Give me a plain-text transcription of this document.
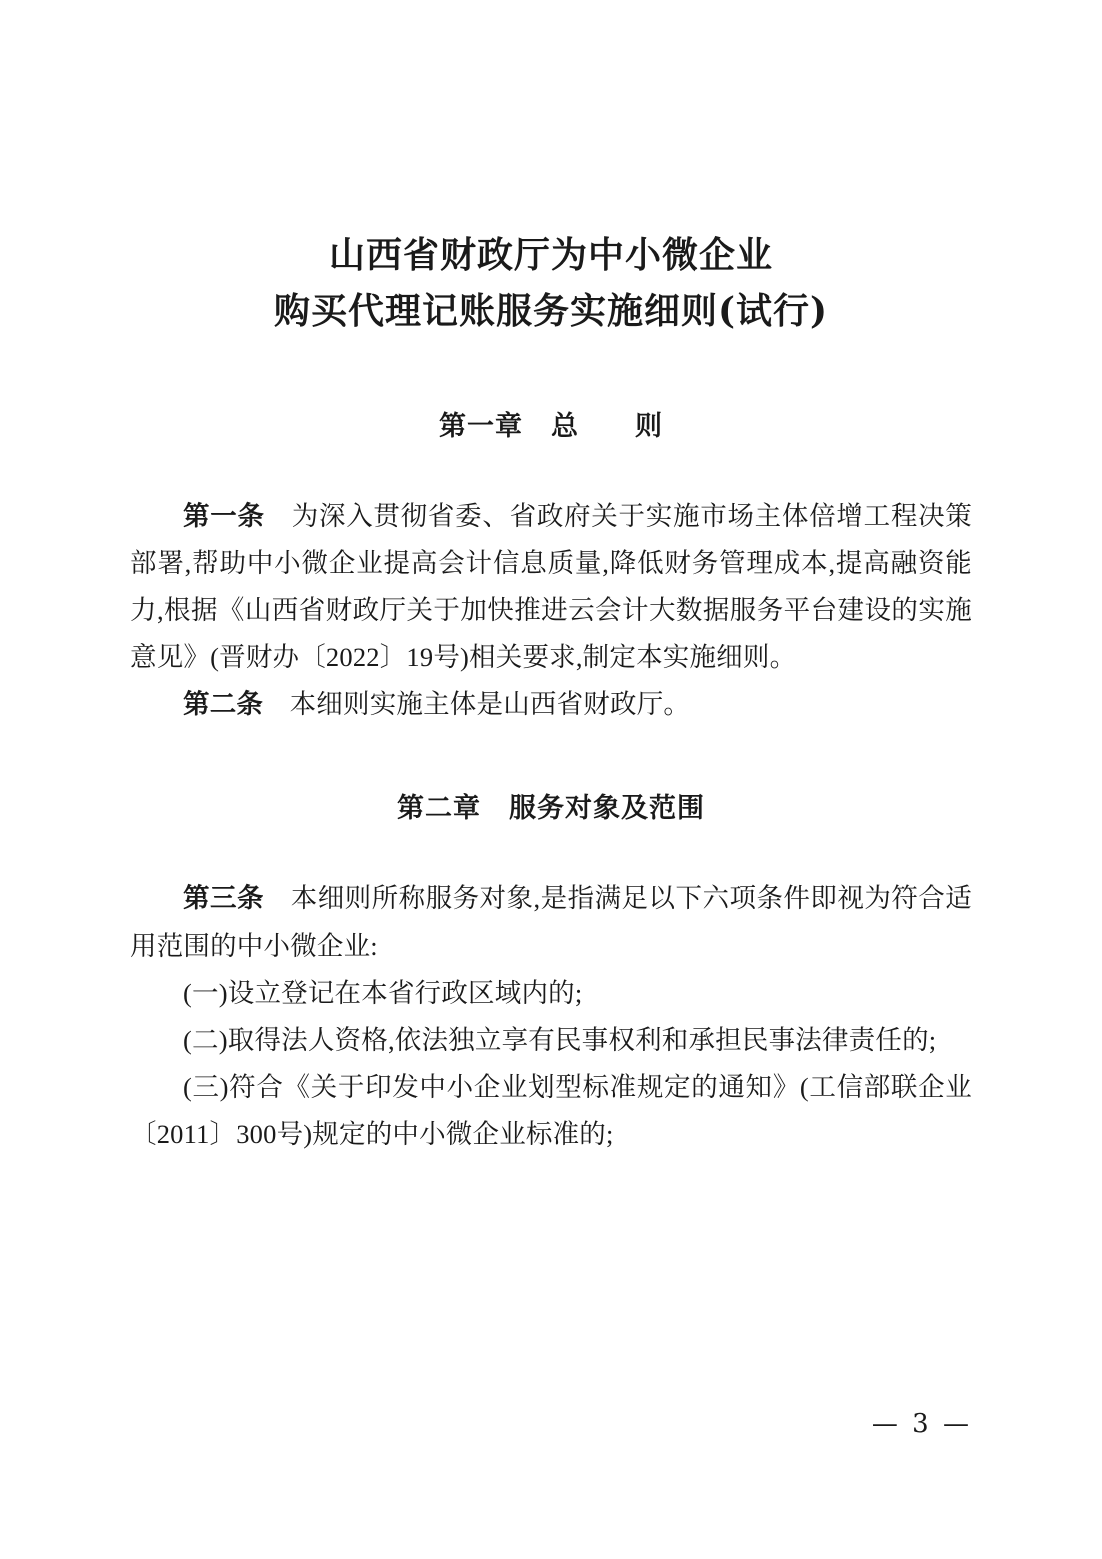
山西省财政厅为中小微企业
购买代理记账服务实施细则(试行)
第一章　总　　则

第一条 为深入贯彻省委、省政府关于实施市场主体倍增工程决策部署,帮助中小微企业提高会计信息质量,降低财务管理成本,提高融资能力,根据《山西省财政厅关于加快推进云会计大数据服务平台建设的实施意见》(晋财办〔2022〕19号)相关要求,制定本实施细则。

第二条 本细则实施主体是山西省财政厅。

第二章　服务对象及范围

第三条 本细则所称服务对象,是指满足以下六项条件即视为符合适用范围的中小微企业:

(一)设立登记在本省行政区域内的;

(二)取得法人资格,依法独立享有民事权利和承担民事法律责任的;

(三)符合《关于印发中小企业划型标准规定的通知》(工信部联企业〔2011〕300号)规定的中小微企业标准的;

— 3 —
